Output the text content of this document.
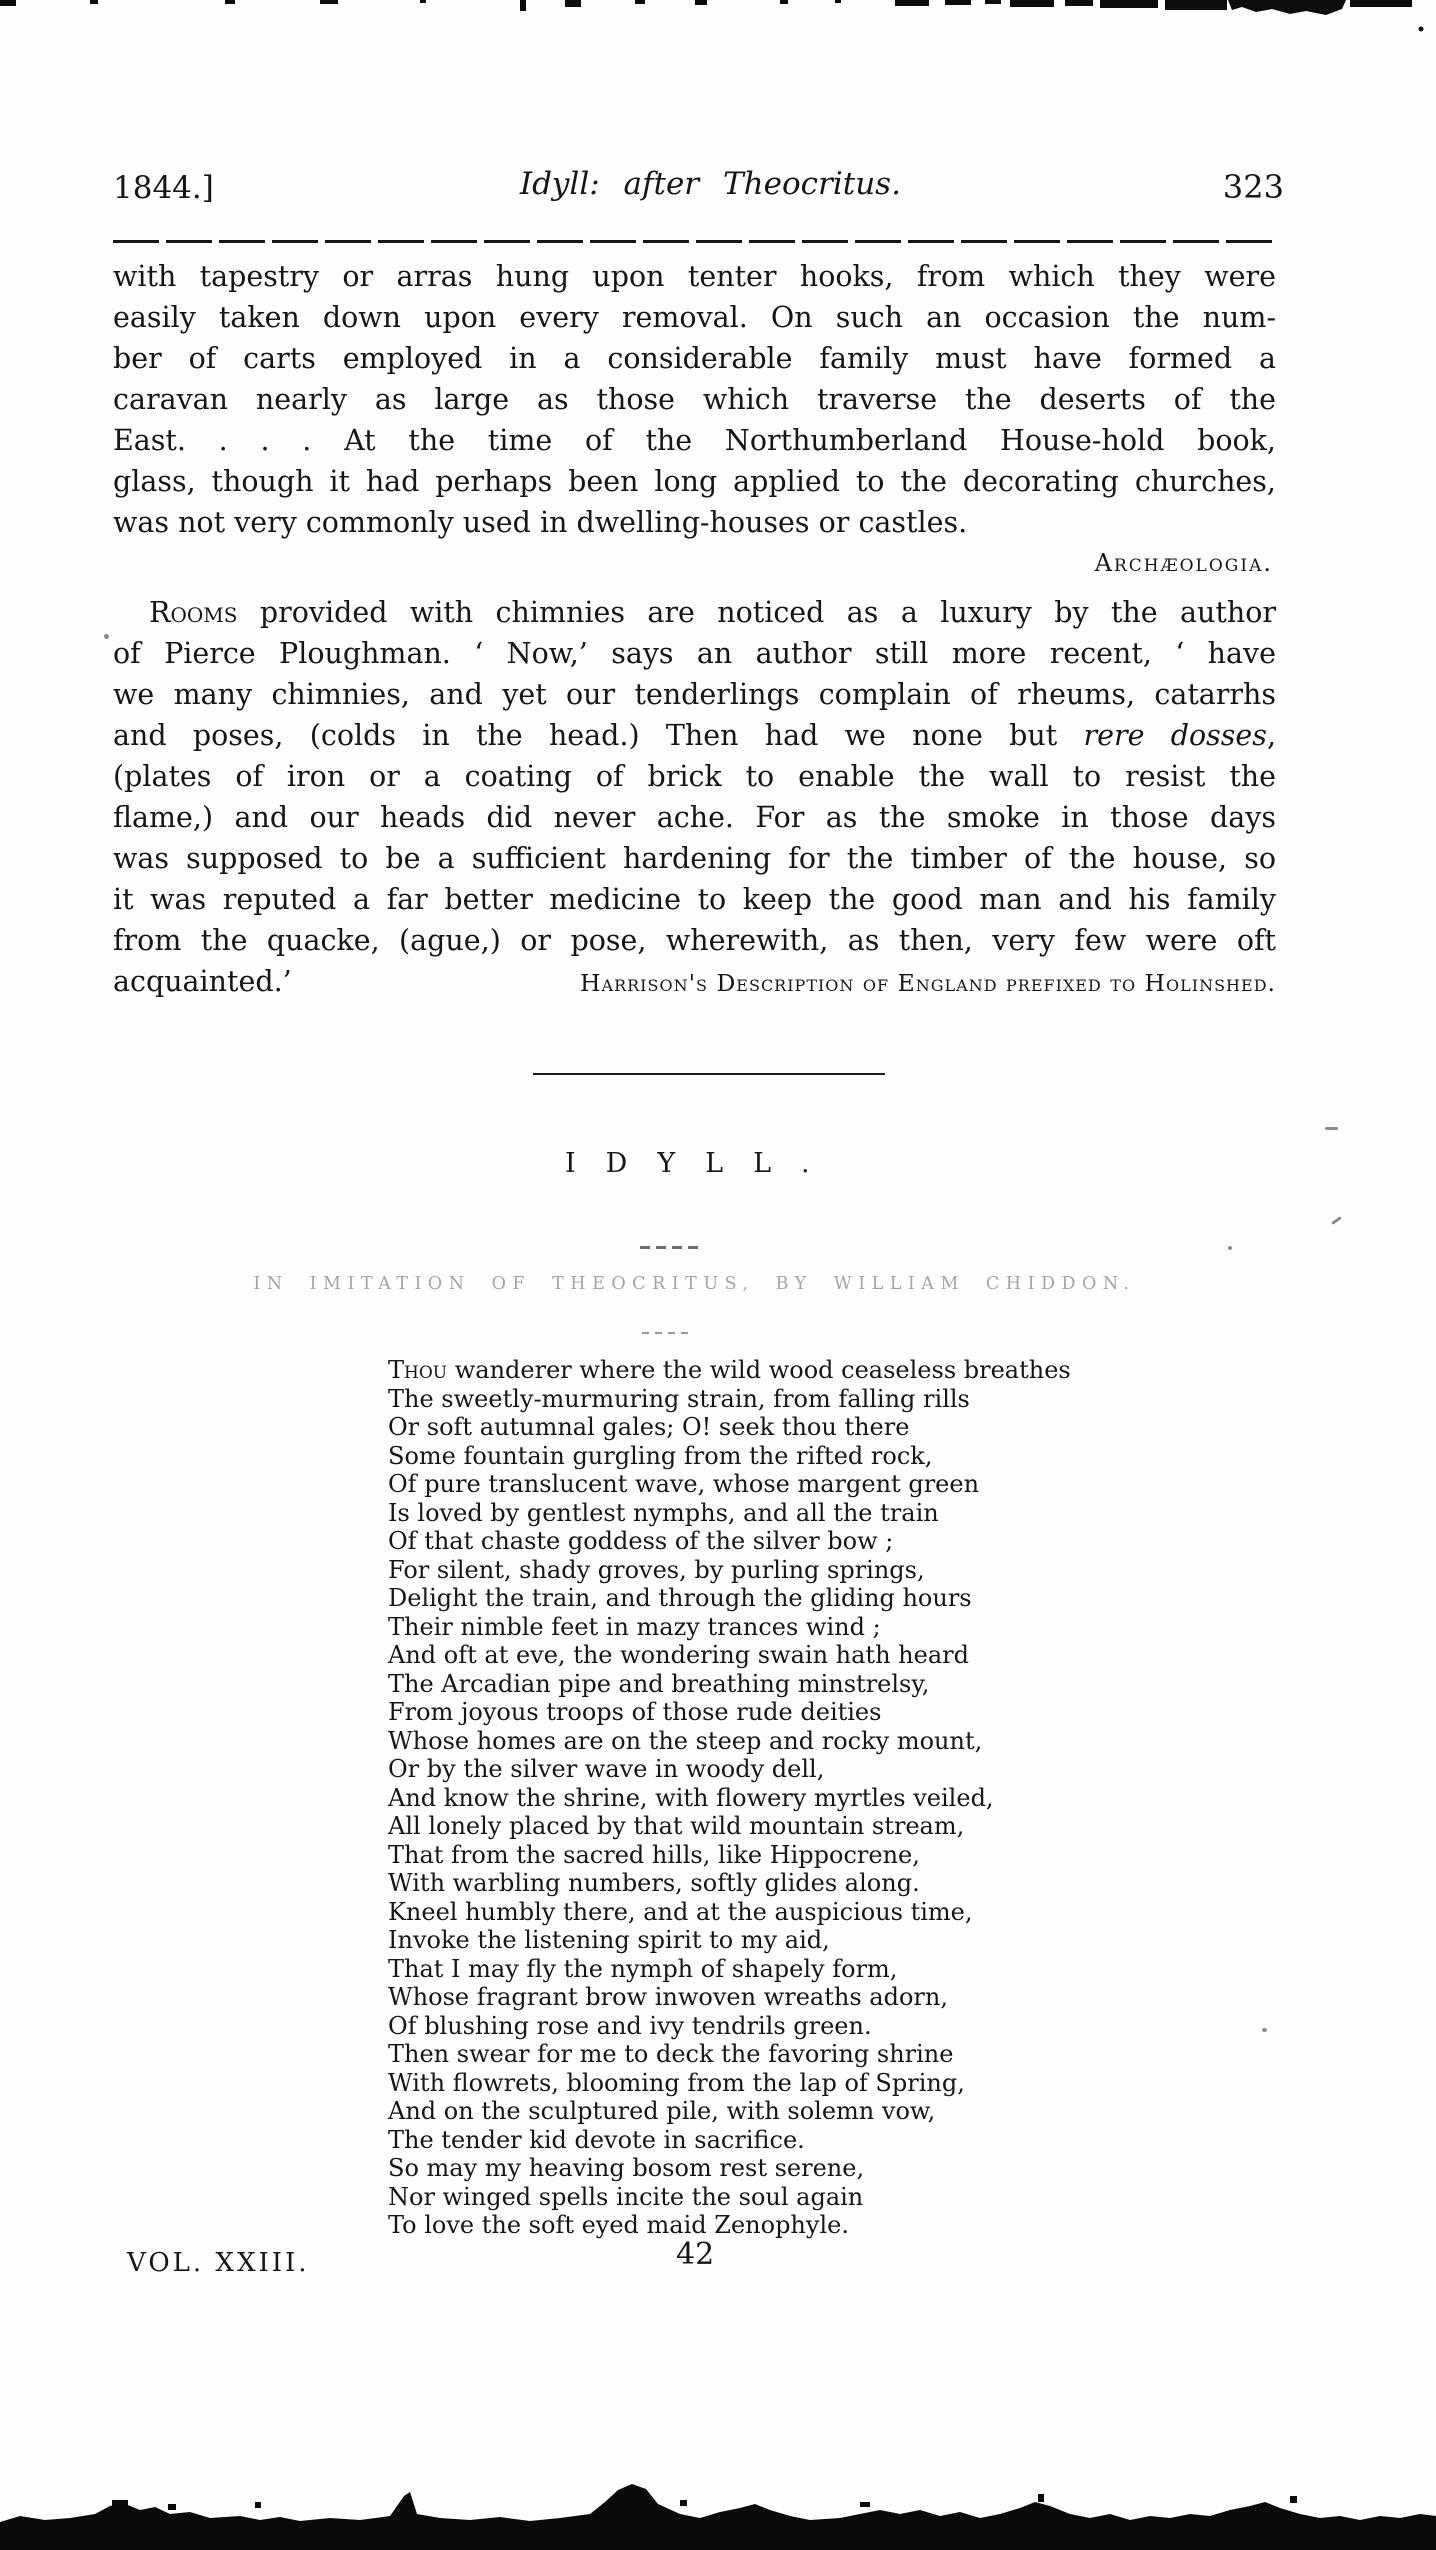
1844.]	Idyll: after Theocritus.	323
with tapestry or arras hung upon tenter hooks, from which they were
easily taken down upon every removal. On such an occasion the num-
ber of carts employed in a considerable family must have formed a
caravan nearly as large as those which traverse the deserts of the
East. . . . At the time of the Northumberland House-hold book,
glass, though it had perhaps been long applied to the decorating churches,
was not very commonly used in dwelling-houses or castles.
Archæologia.
Rooms provided with chimnies are noticed as a luxury by the author
of Pierce Ploughman. ‘ Now,’ says an author still more recent, ‘ have
we many chimnies, and yet our tenderlings complain of rheums, catarrhs
and poses, (colds in the head.) Then had we none but rere dosses,
(plates of iron or a coating of brick to enable the wall to resist the
flame,) and our heads did never ache. For as the smoke in those days
was supposed to be a sufficient hardening for the timber of the house, so
it was reputed a far better medicine to keep the good man and his family
from the quacke, (ague,) or pose, wherewith, as then, very few were oft
acquainted.’	Harrison's Description of England prefixed to Holinshed.
IDYLL.
IN IMITATION OF THEOCRITUS, BY WILLIAM CHIDDON.
Thou wanderer where the wild wood ceaseless breathes
The sweetly-murmuring strain, from falling rills
Or soft autumnal gales; O! seek thou there
Some fountain gurgling from the rifted rock,
Of pure translucent wave, whose margent green
Is loved by gentlest nymphs, and all the train
Of that chaste goddess of the silver bow ;
For silent, shady groves, by purling springs,
Delight the train, and through the gliding hours
Their nimble feet in mazy trances wind ;
And oft at eve, the wondering swain hath heard
The Arcadian pipe and breathing minstrelsy,
From joyous troops of those rude deities
Whose homes are on the steep and rocky mount,
Or by the silver wave in woody dell,
And know the shrine, with flowery myrtles veiled,
All lonely placed by that wild mountain stream,
That from the sacred hills, like Hippocrene,
With warbling numbers, softly glides along.
Kneel humbly there, and at the auspicious time,
Invoke the listening spirit to my aid,
That I may fly the nymph of shapely form,
Whose fragrant brow inwoven wreaths adorn,
Of blushing rose and ivy tendrils green.
Then swear for me to deck the favoring shrine
With flowrets, blooming from the lap of Spring,
And on the sculptured pile, with solemn vow,
The tender kid devote in sacrifice.
So may my heaving bosom rest serene,
Nor winged spells incite the soul again
To love the soft eyed maid Zenophyle.
VOL. XXIII.	42
